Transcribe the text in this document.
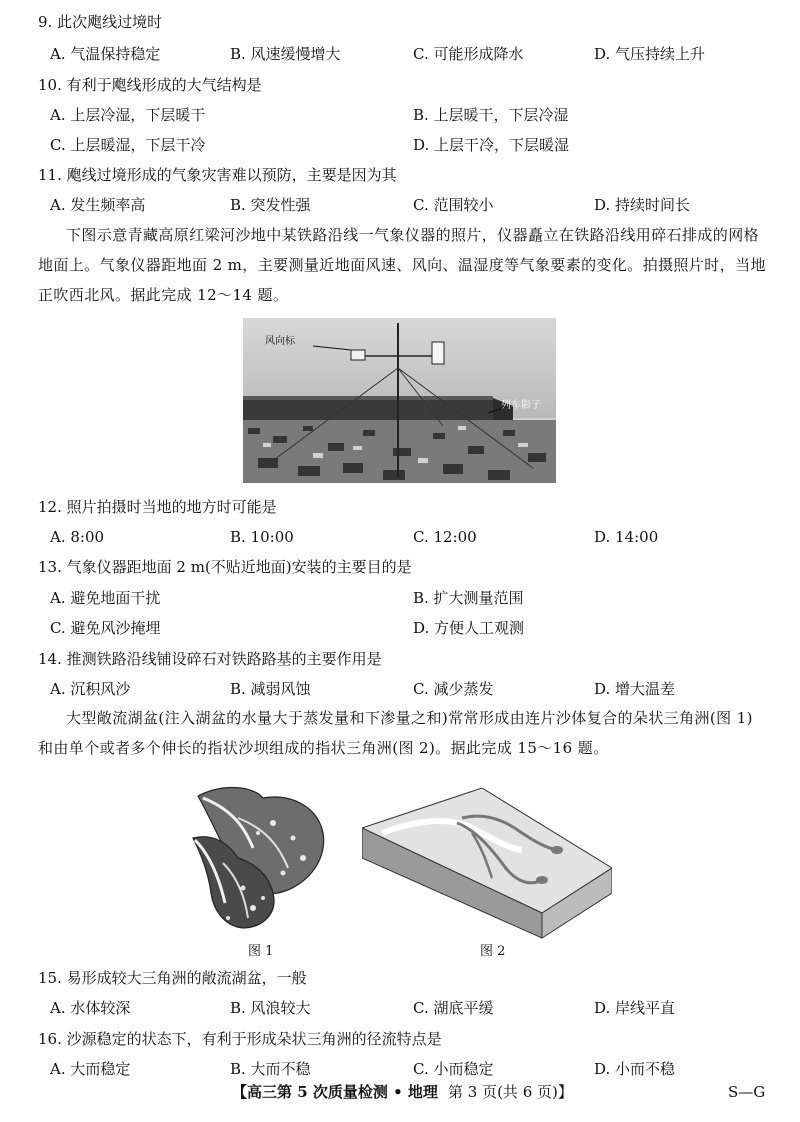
9. 此次飑线过境时
A. 气温保持稳定	B. 风速缓慢增大	C. 可能形成降水	D. 气压持续上升
10. 有利于飑线形成的大气结构是
A. 上层冷湿，下层暖干	B. 上层暖干，下层冷湿
C. 上层暖湿，下层干冷	D. 上层干冷，下层暖湿
11. 飑线过境形成的气象灾害难以预防，主要是因为其
A. 发生频率高	B. 突发性强	C. 范围较小	D. 持续时间长
下图示意青藏高原红梁河沙地中某铁路沿线一气象仪器的照片，仪器矗立在铁路沿线用碎石排成的网格地面上。气象仪器距地面 2 m，主要测量近地面风速、风向、温湿度等气象要素的变化。拍摄照片时，当地正吹西北风。据此完成 12～14 题。
风向标
列车影子
12. 照片拍摄时当地的地方时可能是
A. 8:00	B. 10:00	C. 12:00	D. 14:00
13. 气象仪器距地面 2 m(不贴近地面)安装的主要目的是
A. 避免地面干扰	B. 扩大测量范围
C. 避免风沙掩埋	D. 方便人工观测
14. 推测铁路沿线铺设碎石对铁路路基的主要作用是
A. 沉积风沙	B. 减弱风蚀	C. 减少蒸发	D. 增大温差
大型敞流湖盆(注入湖盆的水量大于蒸发量和下渗量之和)常常形成由连片沙体复合的朵状三角洲(图 1)和由单个或者多个伸长的指状沙坝组成的指状三角洲(图 2)。据此完成 15～16 题。
图 1	图 2
15. 易形成较大三角洲的敞流湖盆，一般
A. 水体较深	B. 风浪较大	C. 湖底平缓	D. 岸线平直
16. 沙源稳定的状态下，有利于形成朵状三角洲的径流特点是
A. 大而稳定	B. 大而不稳	C. 小而稳定	D. 小而不稳
【高三第 5 次质量检测 • 地理 第 3 页(共 6 页)】	S—G
